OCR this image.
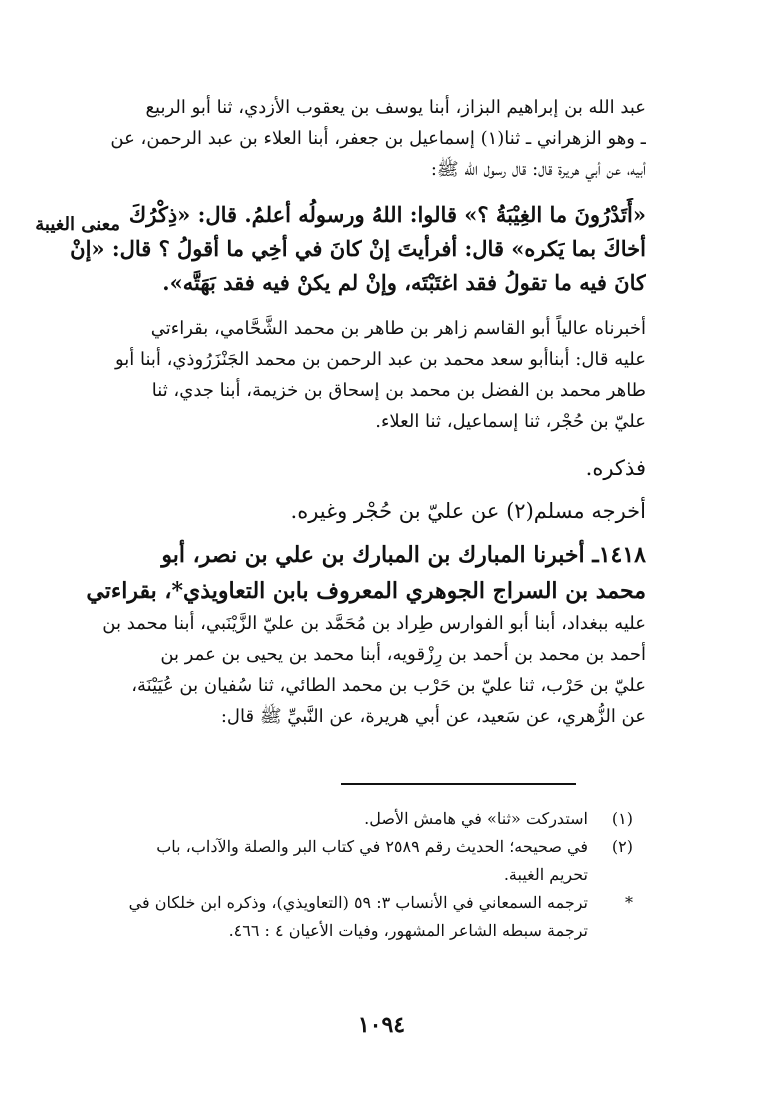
معنى الغيبة
عبد الله بن إبراهيم البزاز، أبنا يوسف بن يعقوب الأزدي، ثنا أبو الربيع
ـ وهو الزهراني ـ ثنا(١) إسماعيل بن جعفر، أبنا العلاء بن عبد الرحمن، عن
أبيه، عن أبي هريرة قال: قال رسول الله ﷺ:
«أَتَدْرُونَ ما الغِيْبَةُ ؟» قالوا: اللهُ ورسولُه أعلمُ. قال: «ذِكْرُكَ
أخاكَ بما يَكره» قال: أفرأيتَ إنْ كانَ في أخِي ما أقولُ ؟ قال: «إنْ
كانَ فيه ما تقولُ فقد اغتَبْتَه، وإنْ لم يكنْ فيه فقد بَهَتَّه».
أخبرناه عالياً أبو القاسم زاهر بن طاهر بن محمد الشَّحَّامي، بقراءتي
عليه قال: أبناأبو سعد محمد بن عبد الرحمن بن محمد الجَنْزَرُوذي، أبنا أبو
طاهر محمد بن الفضل بن محمد بن إسحاق بن خزيمة، أبنا جدي، ثنا
عليّ بن حُجْر، ثنا إسماعيل، ثنا العلاء.
فذكره.
أخرجه مسلم(٢) عن عليّ بن حُجْر وغيره.
١٤١٨ـ أخبرنا المبارك بن المبارك بن علي بن نصر، أبو
محمد بن السراج الجوهري المعروف بابن التعاويذي*، بقراءتي
عليه ببغداد، أبنا أبو الفوارس طِراد بن مُحَمَّد بن عليّ الزَّيْنَبي، أبنا محمد بن
أحمد بن محمد بن أحمد بن رِزْقويه، أبنا محمد بن يحيى بن عمر بن
عليّ بن حَرْب، ثنا عليّ بن حَرْب بن محمد الطائي، ثنا سُفيان بن عُيَيْنَة،
عن الزُّهري، عن سَعيد، عن أبي هريرة، عن النَّبيِّ ﷺ قال:
(١)
استدركت «ثنا» في هامش الأصل.
(٢)
في صحيحه؛ الحديث رقم ٢٥٨٩ في كتاب البر والصلة والآداب، باب
تحريم الغيبة.
*
ترجمه السمعاني في الأنساب ٣: ٥٩ (التعاويذي)، وذكره ابن خلكان في
ترجمة سبطه الشاعر المشهور، وفيات الأعيان ٤ : ٤٦٦.
١٠٩٤
